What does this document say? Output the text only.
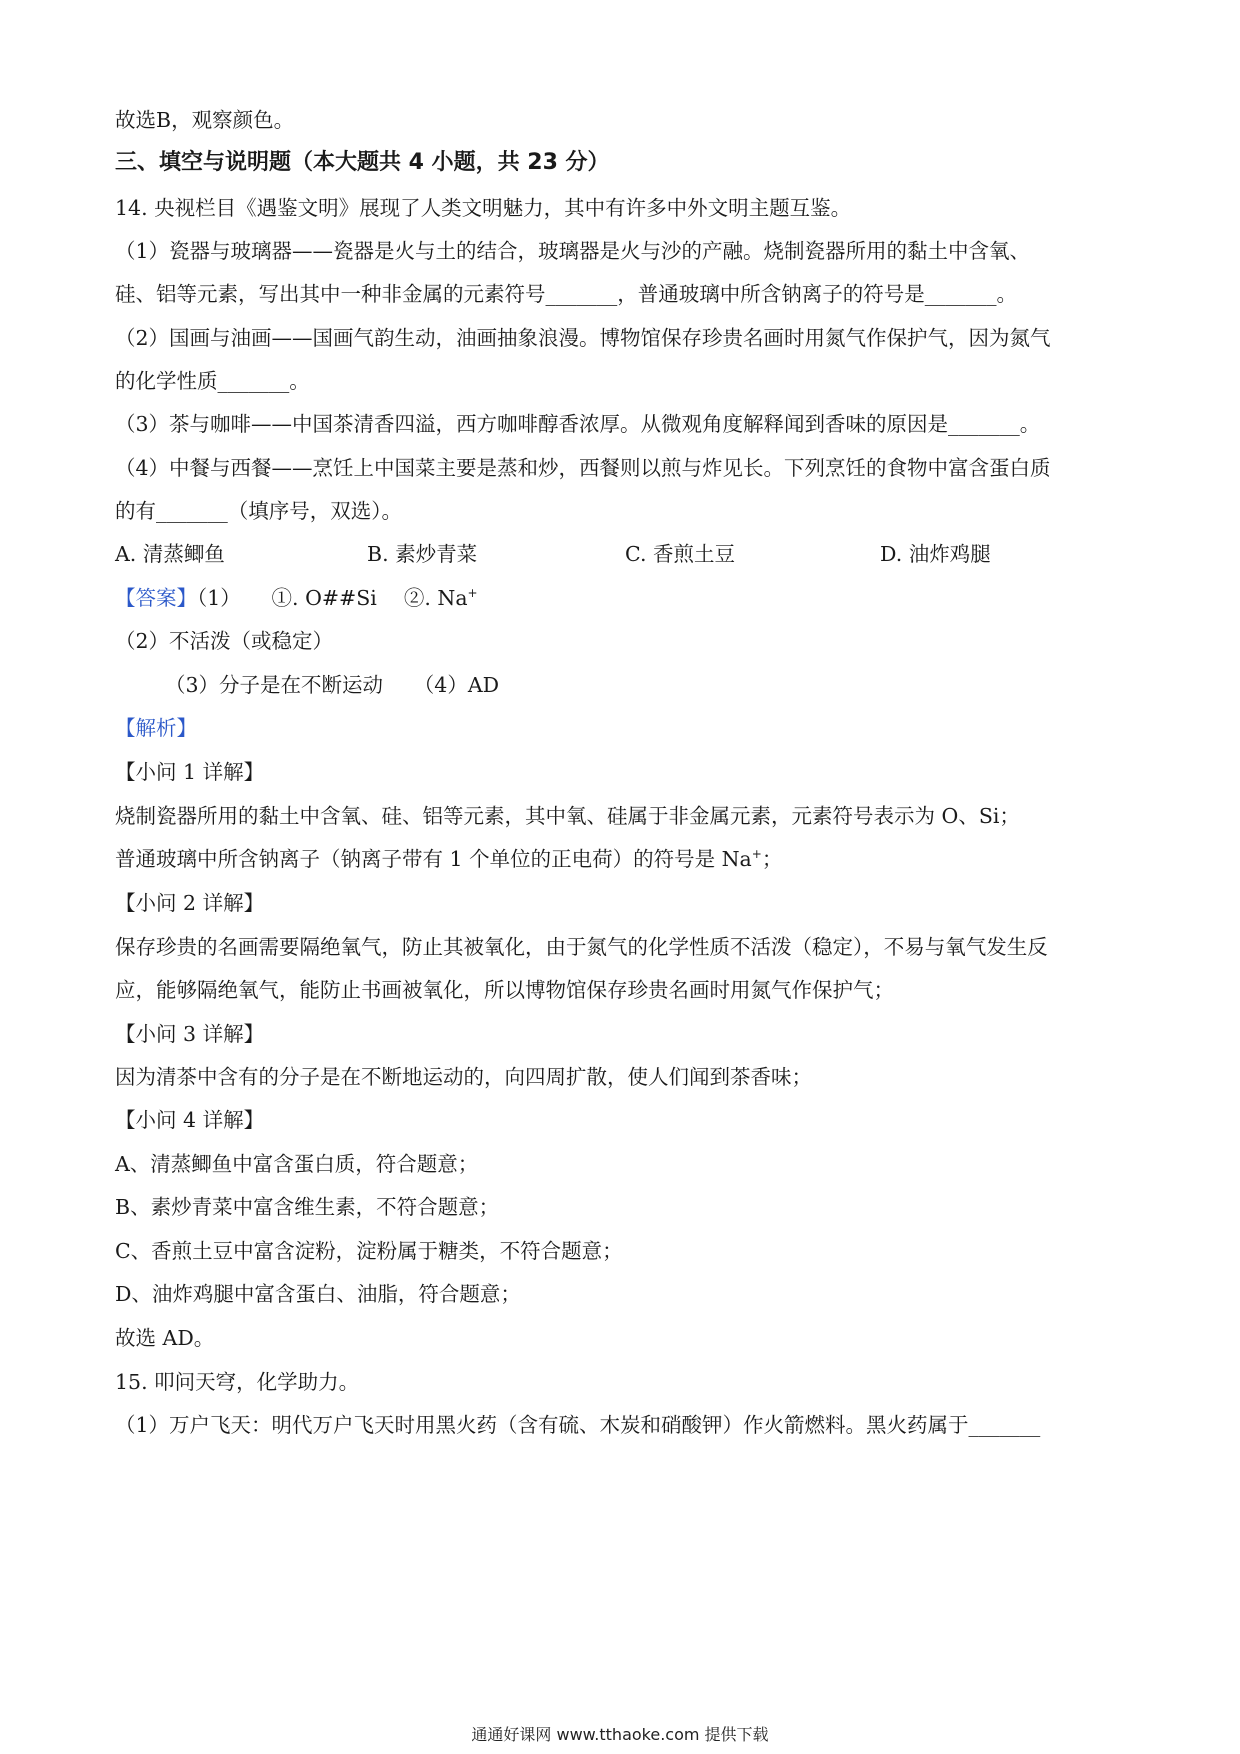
故选B，观察颜色。
三、填空与说明题（本大题共 4 小题，共 23 分）
14. 央视栏目《遇鉴文明》展现了人类文明魅力，其中有许多中外文明主题互鉴。
（1）瓷器与玻璃器——瓷器是火与土的结合，玻璃器是火与沙的产融。烧制瓷器所用的黏土中含氧、
硅、铝等元素，写出其中一种非金属的元素符号_______，普通玻璃中所含钠离子的符号是_______。
（2）国画与油画——国画气韵生动，油画抽象浪漫。博物馆保存珍贵名画时用氮气作保护气，因为氮气
的化学性质_______。
（3）茶与咖啡——中国茶清香四溢，西方咖啡醇香浓厚。从微观角度解释闻到香味的原因是_______。
（4）中餐与西餐——烹饪上中国菜主要是蒸和炒，西餐则以煎与炸见长。下列烹饪的食物中富含蛋白质
的有_______（填序号，双选）。
A. 清蒸鲫鱼	B. 素炒青菜	C. 香煎土豆	D. 油炸鸡腿
【答案】（1）　　①. O##Si　 ②. Na+
（2）不活泼（或稳定）
（3）分子是在不断运动　　（4）AD
【解析】
【小问 1 详解】
烧制瓷器所用的黏土中含氧、硅、铝等元素，其中氧、硅属于非金属元素，元素符号表示为 O、Si；
普通玻璃中所含钠离子（钠离子带有 1 个单位的正电荷）的符号是 Na+；
【小问 2 详解】
保存珍贵的名画需要隔绝氧气，防止其被氧化，由于氮气的化学性质不活泼（稳定），不易与氧气发生反
应，能够隔绝氧气，能防止书画被氧化，所以博物馆保存珍贵名画时用氮气作保护气；
【小问 3 详解】
因为清茶中含有的分子是在不断地运动的，向四周扩散，使人们闻到茶香味；
【小问 4 详解】
A、清蒸鲫鱼中富含蛋白质，符合题意；
B、素炒青菜中富含维生素，不符合题意；
C、香煎土豆中富含淀粉，淀粉属于糖类，不符合题意；
D、油炸鸡腿中富含蛋白、油脂，符合题意；
故选 AD。
15. 叩问天穹，化学助力。
（1）万户飞天：明代万户飞天时用黑火药（含有硫、木炭和硝酸钾）作火箭燃料。黑火药属于_______
通通好课网 www.tthaoke.com 提供下载
